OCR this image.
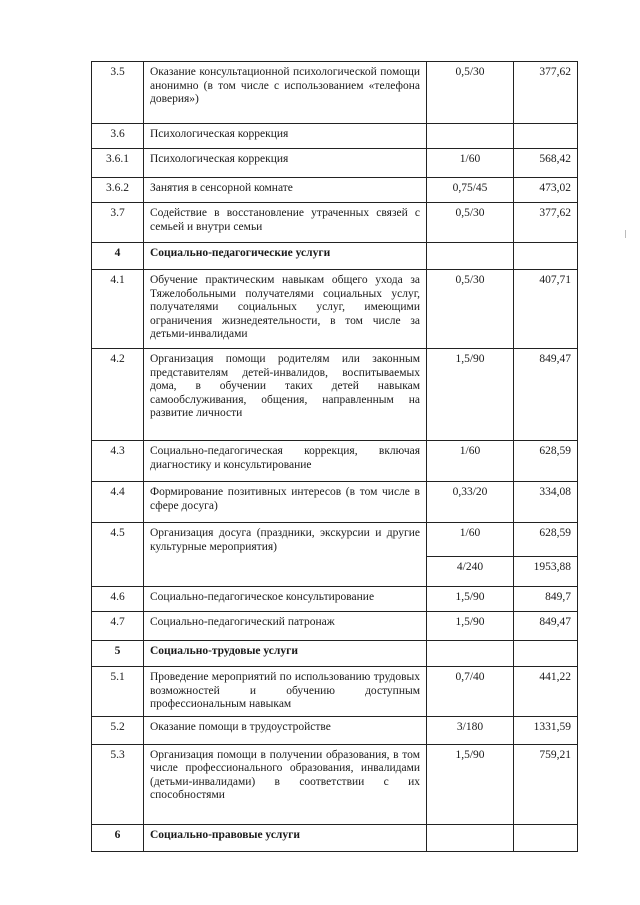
3.5	Оказание консультационной психологической помощи анонимно (в том числе с использованием «телефона доверия»)	0,5/30	377,62
3.6	Психологическая коррекция		
3.6.1	Психологическая коррекция	1/60	568,42
3.6.2	Занятия в сенсорной комнате	0,75/45	473,02
3.7	Содействие в восстановление утраченных связей с семьей и внутри семьи	0,5/30	377,62
4	Социально-педагогические услуги		
4.1	Обучение практическим навыкам общего ухода за Тяжелобольными получателями социальных услуг, получателями социальных услуг, имеющими ограничения жизнедеятельности, в том числе за детьми-инвалидами	0,5/30	407,71
4.2	Организация помощи родителям или законным представителям детей-инвалидов, воспитываемых дома, в обучении таких детей навыкам самообслуживания, общения, направленным на развитие личности	1,5/90	849,47
4.3	Социально-педагогическая коррекция, включая диагностику и консультирование	1/60	628,59
4.4	Формирование позитивных интересов (в том числе в сфере досуга)	0,33/20	334,08
4.5	Организация досуга (праздники, экскурсии и другие культурные мероприятия)	1/60	628,59
		4/240	1953,88
4.6	Социально-педагогическое консультирование	1,5/90	849,7
4.7	Социально-педагогический патронаж	1,5/90	849,47
5	Социально-трудовые услуги		
5.1	Проведение мероприятий по использованию трудовых возможностей и обучению доступным профессиональным навыкам	0,7/40	441,22
5.2	Оказание помощи в трудоустройстве	3/180	1331,59
5.3	Организация помощи в получении образования, в том числе профессионального образования, инвалидами (детьми-инвалидами) в соответствии с их способностями	1,5/90	759,21
6	Социально-правовые услуги		
